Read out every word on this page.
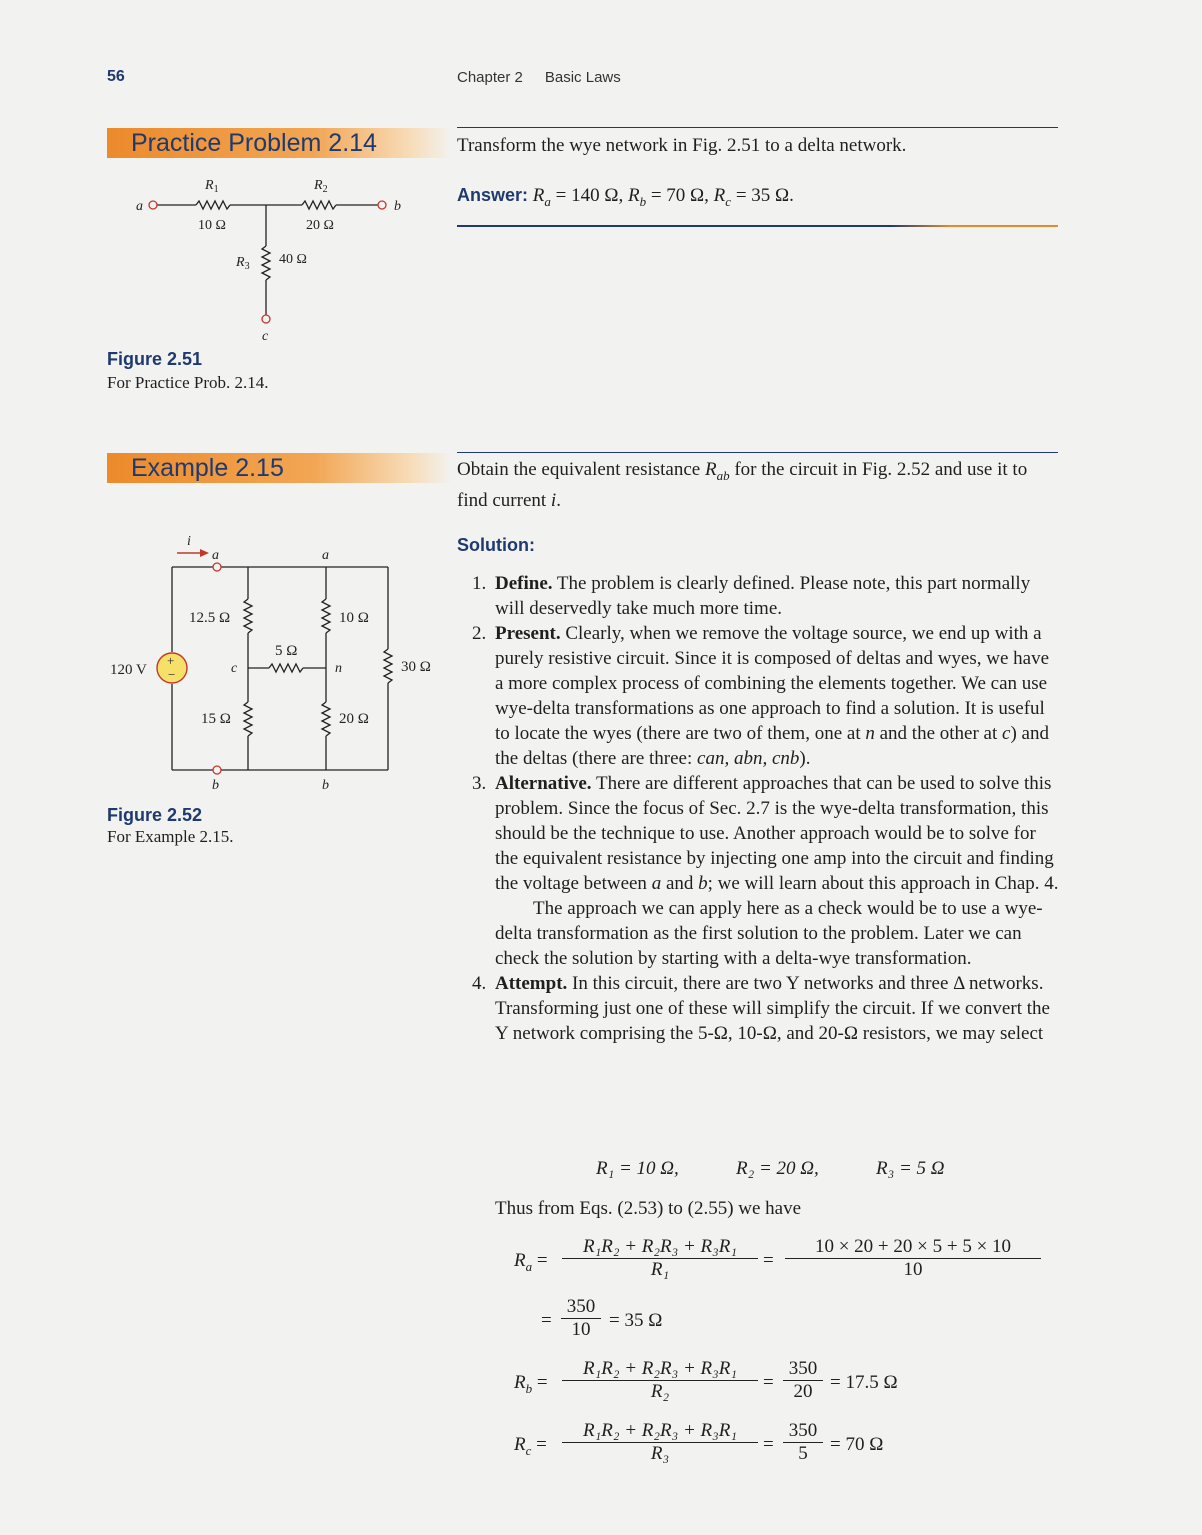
56	Chapter 2 Basic Laws
Practice Problem 2.14	Transform the wye network in Fig. 2.51 to a delta network.
Answer: $R_a = 140$ Ω, $R_b = 70$ Ω, $R_c = 35$ Ω.
a	b
c
$R_1$
10 Ω
$R_2$
20 Ω
$R_3$ 40 Ω
Figure 2.51
For Practice Prob. 2.14.
Example 2.15	Obtain the equivalent resistance $R_{ab}$ for the circuit in Fig. 2.52 and use it to find current i.
+
−
i
a	a
b	b
c	n
120 V
12.5 Ω	10 Ω
5 Ω
30 Ω
15 Ω	20 Ω
Figure 2.52
For Example 2.15.
Solution:
1. Define. The problem is clearly defined. Please note, this part normally will deservedly take much more time.
2. Present. Clearly, when we remove the voltage source, we end up with a purely resistive circuit. Since it is composed of deltas and wyes, we have a more complex process of combining the elements together. We can use wye-delta transformations as one approach to find a solution. It is useful to locate the wyes (there are two of them, one at n and the other at c) and the deltas (there are three: can, abn, cnb).
3. Alternative. There are different approaches that can be used to solve this problem. Since the focus of Sec. 2.7 is the wye-delta transformation, this should be the technique to use. Another approach would be to solve for the equivalent resistance by injecting one amp into the circuit and finding the voltage between a and b; we will learn about this approach in Chap. 4.

The approach we can apply here as a check would be to use a wye-delta transformation as the first solution to the problem. Later we can check the solution by starting with a delta-wye transformation.

4. Attempt. In this circuit, there are two Y networks and three Δ networks. Transforming just one of these will simplify the circuit. If we convert the Y network comprising the 5-Ω, 10-Ω, and 20-Ω resistors, we may select
R₁ = 10 Ω,	R₂ = 20 Ω,	R₃ = 5 Ω
Thus from Eqs. (2.53) to (2.55) we have
$R_a$ =
R₁R₂ + R₂R₃ + R₃R₁
R₁	=
10 × 20 + 20 × 5 + 5 × 10
10
=
350
10 = 35 Ω
$R_b$ =
R₁R₂ + R₂R₃ + R₃R₁
R₂	=
350
20 = 17.5 Ω
$R_c$ =
R₁R₂ + R₂R₃ + R₃R₁
R₃	=
350
5	= 70 Ω
